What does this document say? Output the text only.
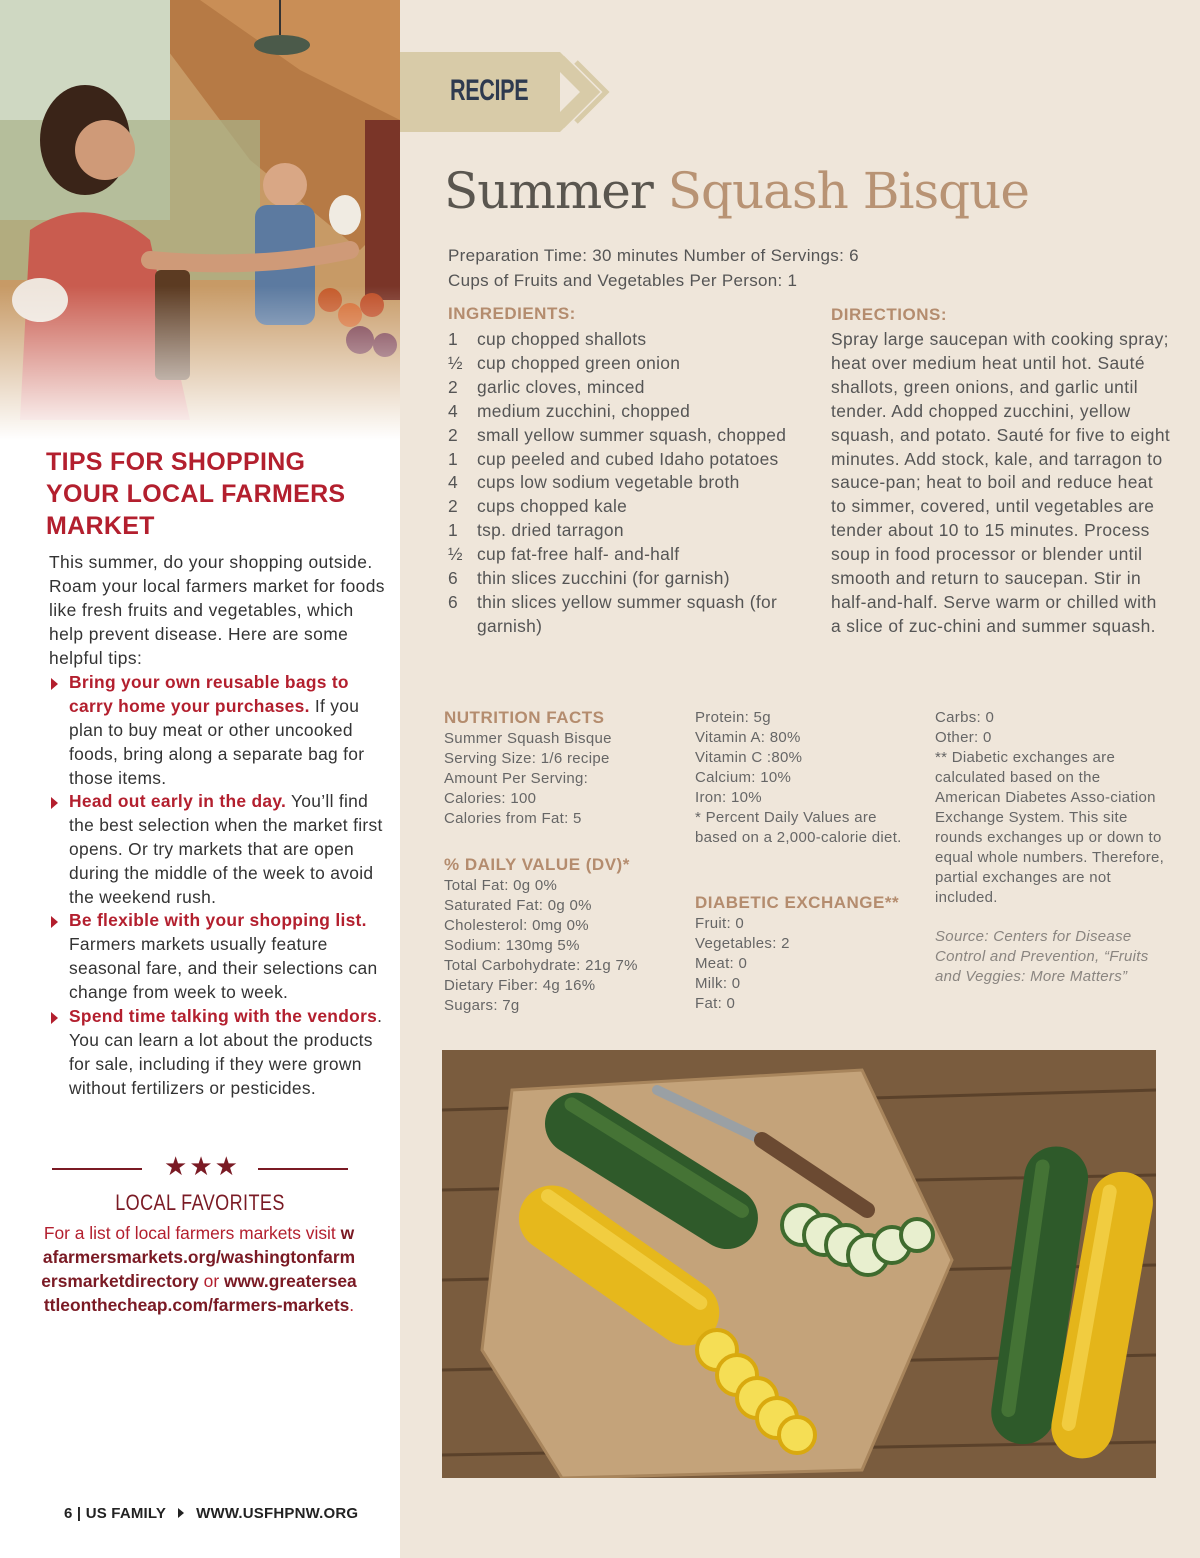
TIPS FOR SHOPPING YOUR LOCAL FARMERS MARKET
This summer, do your shopping outside. Roam your local farmers market for foods like fresh fruits and vegetables, which help prevent disease. Here are some helpful tips:
Bring your own reusable bags to carry home your purchases. If you plan to buy meat or other uncooked foods, bring along a separate bag for those items.
Head out early in the day. You’ll find the best selection when the market first opens. Or try markets that are open during the middle of the week to avoid the weekend rush.
Be flexible with your shopping list. Farmers markets usually feature seasonal fare, and their selections can change from week to week.
Spend time talking with the vendors. You can learn a lot about the products for sale, including if they were grown without fertilizers or pesticides.
★★★
LOCAL FAVORITES
For a list of local farmers markets visit wafarmersmarkets.org/washingtonfarmersmarketdirectory or www.greaterseattleonthecheap.com/farmers-markets.
6 | US FAMILY WWW.USFHPNW.ORG
RECIPE
Summer Squash Bisque
Preparation Time: 30 minutes Number of Servings: 6
Cups of Fruits and Vegetables Per Person: 1
INGREDIENTS:
1 cup chopped shallots
½ cup chopped green onion
2 garlic cloves, minced
4 medium zucchini, chopped
2 small yellow summer squash, chopped
1 cup peeled and cubed Idaho potatoes
4 cups low sodium vegetable broth
2 cups chopped kale
1 tsp. dried tarragon
½ cup fat-free half- and-half
6 thin slices zucchini (for garnish)
6 thin slices yellow summer squash (for garnish)
DIRECTIONS:
Spray large saucepan with cooking spray; heat over medium heat until hot. Sauté shallots, green onions, and garlic until tender. Add chopped zucchini, yellow squash, and potato. Sauté for five to eight minutes. Add stock, kale, and tarragon to sauce-pan; heat to boil and reduce heat to simmer, covered, until vegetables are tender about 10 to 15 minutes. Process soup in food processor or blender until smooth and return to saucepan. Stir in half-and-half. Serve warm or chilled with a slice of zuc-chini and summer squash.
NUTRITION FACTS
Summer Squash Bisque
Serving Size: 1/6 recipe
Amount Per Serving:
Calories: 100
Calories from Fat: 5
% DAILY VALUE (DV)*
Total Fat: 0g 0%
Saturated Fat: 0g 0%
Cholesterol: 0mg 0%
Sodium: 130mg 5%
Total Carbohydrate: 21g 7%
Dietary Fiber: 4g 16%
Sugars: 7g
Protein: 5g
Vitamin A: 80%
Vitamin C :80%
Calcium: 10%
Iron: 10%
* Percent Daily Values are based on a 2,000-calorie diet.
DIABETIC EXCHANGE**
Fruit: 0
Vegetables: 2
Meat: 0
Milk: 0
Fat: 0
Carbs: 0
Other: 0
** Diabetic exchanges are calculated based on the American Diabetes Asso-ciation Exchange System. This site rounds exchanges up or down to equal whole numbers. Therefore, partial exchanges are not included.
Source: Centers for Disease Control and Prevention, “Fruits and Veggies: More Matters”
